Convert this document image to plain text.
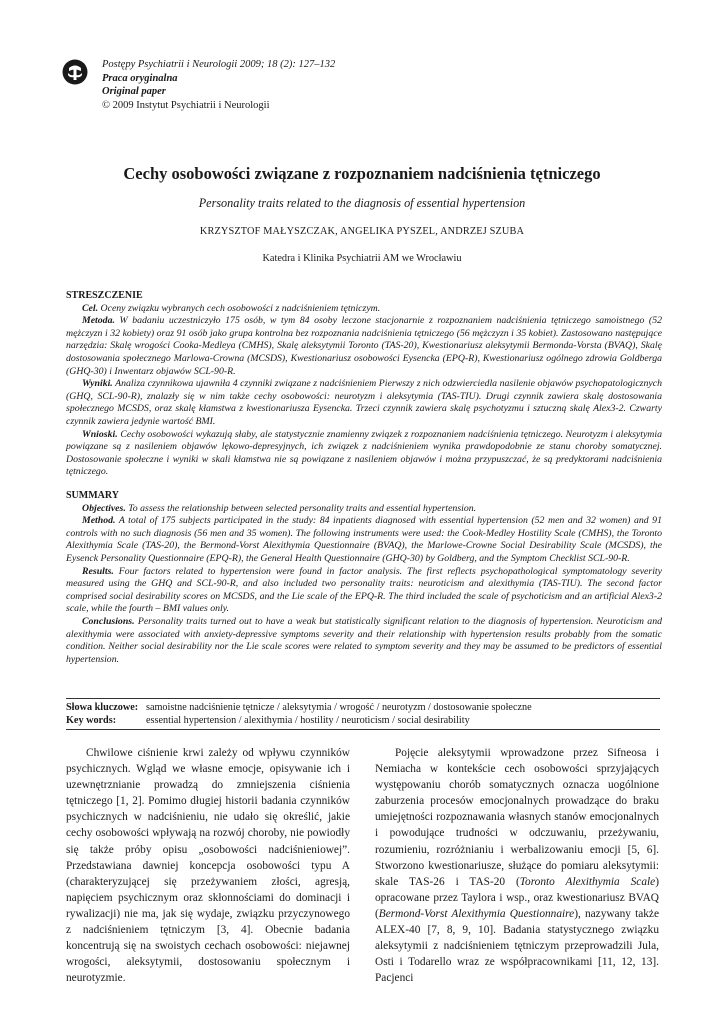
Postępy Psychiatrii i Neurologii 2009; 18 (2): 127–132
Praca oryginalna
Original paper
© 2009 Instytut Psychiatrii i Neurologii
Cechy osobowości związane z rozpoznaniem nadciśnienia tętniczego
Personality traits related to the diagnosis of essential hypertension
KRZYSZTOF MAŁYSZCZAK, ANGELIKA PYSZEL, ANDRZEJ SZUBA
Katedra i Klinika Psychiatrii AM we Wrocławiu
STRESZCZENIE

Cel. Oceny związku wybranych cech osobowości z nadciśnieniem tętniczym.

Metoda. W badaniu uczestniczyło 175 osób, w tym 84 osoby leczone stacjonarnie z rozpoznaniem nadciśnienia tętniczego samoistnego (52 mężczyzn i 32 kobiety) oraz 91 osób jako grupa kontrolna bez rozpoznania nadciśnienia tętniczego (56 mężczyzn i 35 kobiet). Zastosowano następujące narzędzia: Skalę wrogości Cooka-Medleya (CMHS), Skalę aleksytymii Toronto (TAS-20), Kwestionariusz aleksytymii Bermonda-Vorsta (BVAQ), Skalę dostosowania społecznego Marlowa-Crowna (MCSDS), Kwestionariusz osobowości Eysencka (EPQ-R), Kwestionariusz ogólnego zdrowia Goldberga (GHQ-30) i Inwentarz objawów SCL-90-R.

Wyniki. Analiza czynnikowa ujawniła 4 czynniki związane z nadciśnieniem Pierwszy z nich odzwierciedla nasilenie objawów psychopatologicznych (GHQ, SCL-90-R), znalazły się w nim także cechy osobowości: neurotyzm i aleksytymia (TAS-TIU). Drugi czynnik zawiera skalę dostosowania społecznego MCSDS, oraz skalę kłamstwa z kwestionariusza Eysencka. Trzeci czynnik zawiera skalę psychotyzmu i sztuczną skalę Alex3-2. Czwarty czynnik zawiera jedynie wartość BMI.

Wnioski. Cechy osobowości wykazują słaby, ale statystycznie znamienny związek z rozpoznaniem nadciśnienia tętniczego. Neurotyzm i aleksytymia powiązane są z nasileniem objawów lękowo-depresyjnych, ich związek z nadciśnieniem wynika prawdopodobnie ze stanu choroby somatycznej. Dostosowanie społeczne i wyniki w skali kłamstwa nie są powiązane z nasileniem objawów i można przypuszczać, że są predyktorami nadciśnienia tętniczego.

SUMMARY

Objectives. To assess the relationship between selected personality traits and essential hypertension.

Method. A total of 175 subjects participated in the study: 84 inpatients diagnosed with essential hypertension (52 men and 32 women) and 91 controls with no such diagnosis (56 men and 35 women). The following instruments were used: the Cook-Medley Hostility Scale (CMHS), the Toronto Alexithymia Scale (TAS-20), the Bermond-Vorst Alexithymia Questionnaire (BVAQ), the Marlowe-Crowne Social Desirability Scale (MCSDS), the Eysenck Personality Questionnaire (EPQ-R), the General Health Questionnaire (GHQ-30) by Goldberg, and the Symptom Checklist SCL-90-R.

Results. Four factors related to hypertension were found in factor analysis. The first reflects psychopathological symptomatology severity measured using the GHQ and SCL-90-R, and also included two personality traits: neuroticism and alexithymia (TAS-TIU). The second factor comprised social desirability scores on MCSDS, and the Lie scale of the EPQ-R. The third included the scale of psychoticism and an artificial Alex3-2 scale, while the fourth – BMI values only.

Conclusions. Personality traits turned out to have a weak but statistically significant relation to the diagnosis of hypertension. Neuroticism and alexithymia were associated with anxiety-depressive symptoms severity and their relationship with hypertension results probably from the somatic condition. Neither social desirability nor the Lie scale scores were related to symptom severity and they may be assumed to be predictors of essential hypertension.

Słowa kluczowe: samoistne nadciśnienie tętnicze / aleksytymia / wrogość / neurotyzm / dostosowanie społeczne
Key words:	essential hypertension / alexithymia / hostility / neuroticism / social desirability

Chwilowe ciśnienie krwi zależy od wpływu czynników psychicznych. Wgląd we własne emocje, opisywanie ich i uzewnętrznianie prowadzą do zmniejszenia ciśnienia tętniczego [1, 2]. Pomimo długiej historii badania czynników psychicznych w nadciśnieniu, nie udało się określić, jakie cechy osobowości wpływają na rozwój choroby, nie powiodły się także próby opisu „osobowości nadciśnieniowej”. Przedstawiana dawniej koncepcja osobowości typu A (charakteryzującej się przeżywaniem złości, agresją, napięciem psychicznym oraz skłonnościami do dominacji i rywalizacji) nie ma, jak się wydaje, związku przyczynowego z nadciśnieniem tętniczym [3, 4]. Obecnie badania koncentrują się na swoistych cechach osobowości: niejawnej wrogości, aleksytymii, dostosowaniu społecznym i neurotyzmie.

Pojęcie aleksytymii wprowadzone przez Sifneosa i Nemiacha w kontekście cech osobowości sprzyjających występowaniu chorób somatycznych oznacza uogólnione zaburzenia procesów emocjonalnych prowadzące do braku umiejętności rozpoznawania własnych stanów emocjonalnych i powodujące trudności w odczuwaniu, przeżywaniu, rozumieniu, rozróżnianiu i werbalizowaniu emocji [5, 6]. Stworzono kwestionariusze, służące do pomiaru aleksytymii: skale TAS-26 i TAS-20 (Toronto Alexithymia Scale) opracowane przez Taylora i wsp., oraz kwestionariusz BVAQ (Bermond-Vorst Alexithymia Questionnaire), nazywany także ALEX-40 [7, 8, 9, 10]. Badania statystycznego związku aleksytymii z nadciśnieniem tętniczym przeprowadzili Jula, Osti i Todarello wraz ze współpracownikami [11, 12, 13]. Pacjenci
